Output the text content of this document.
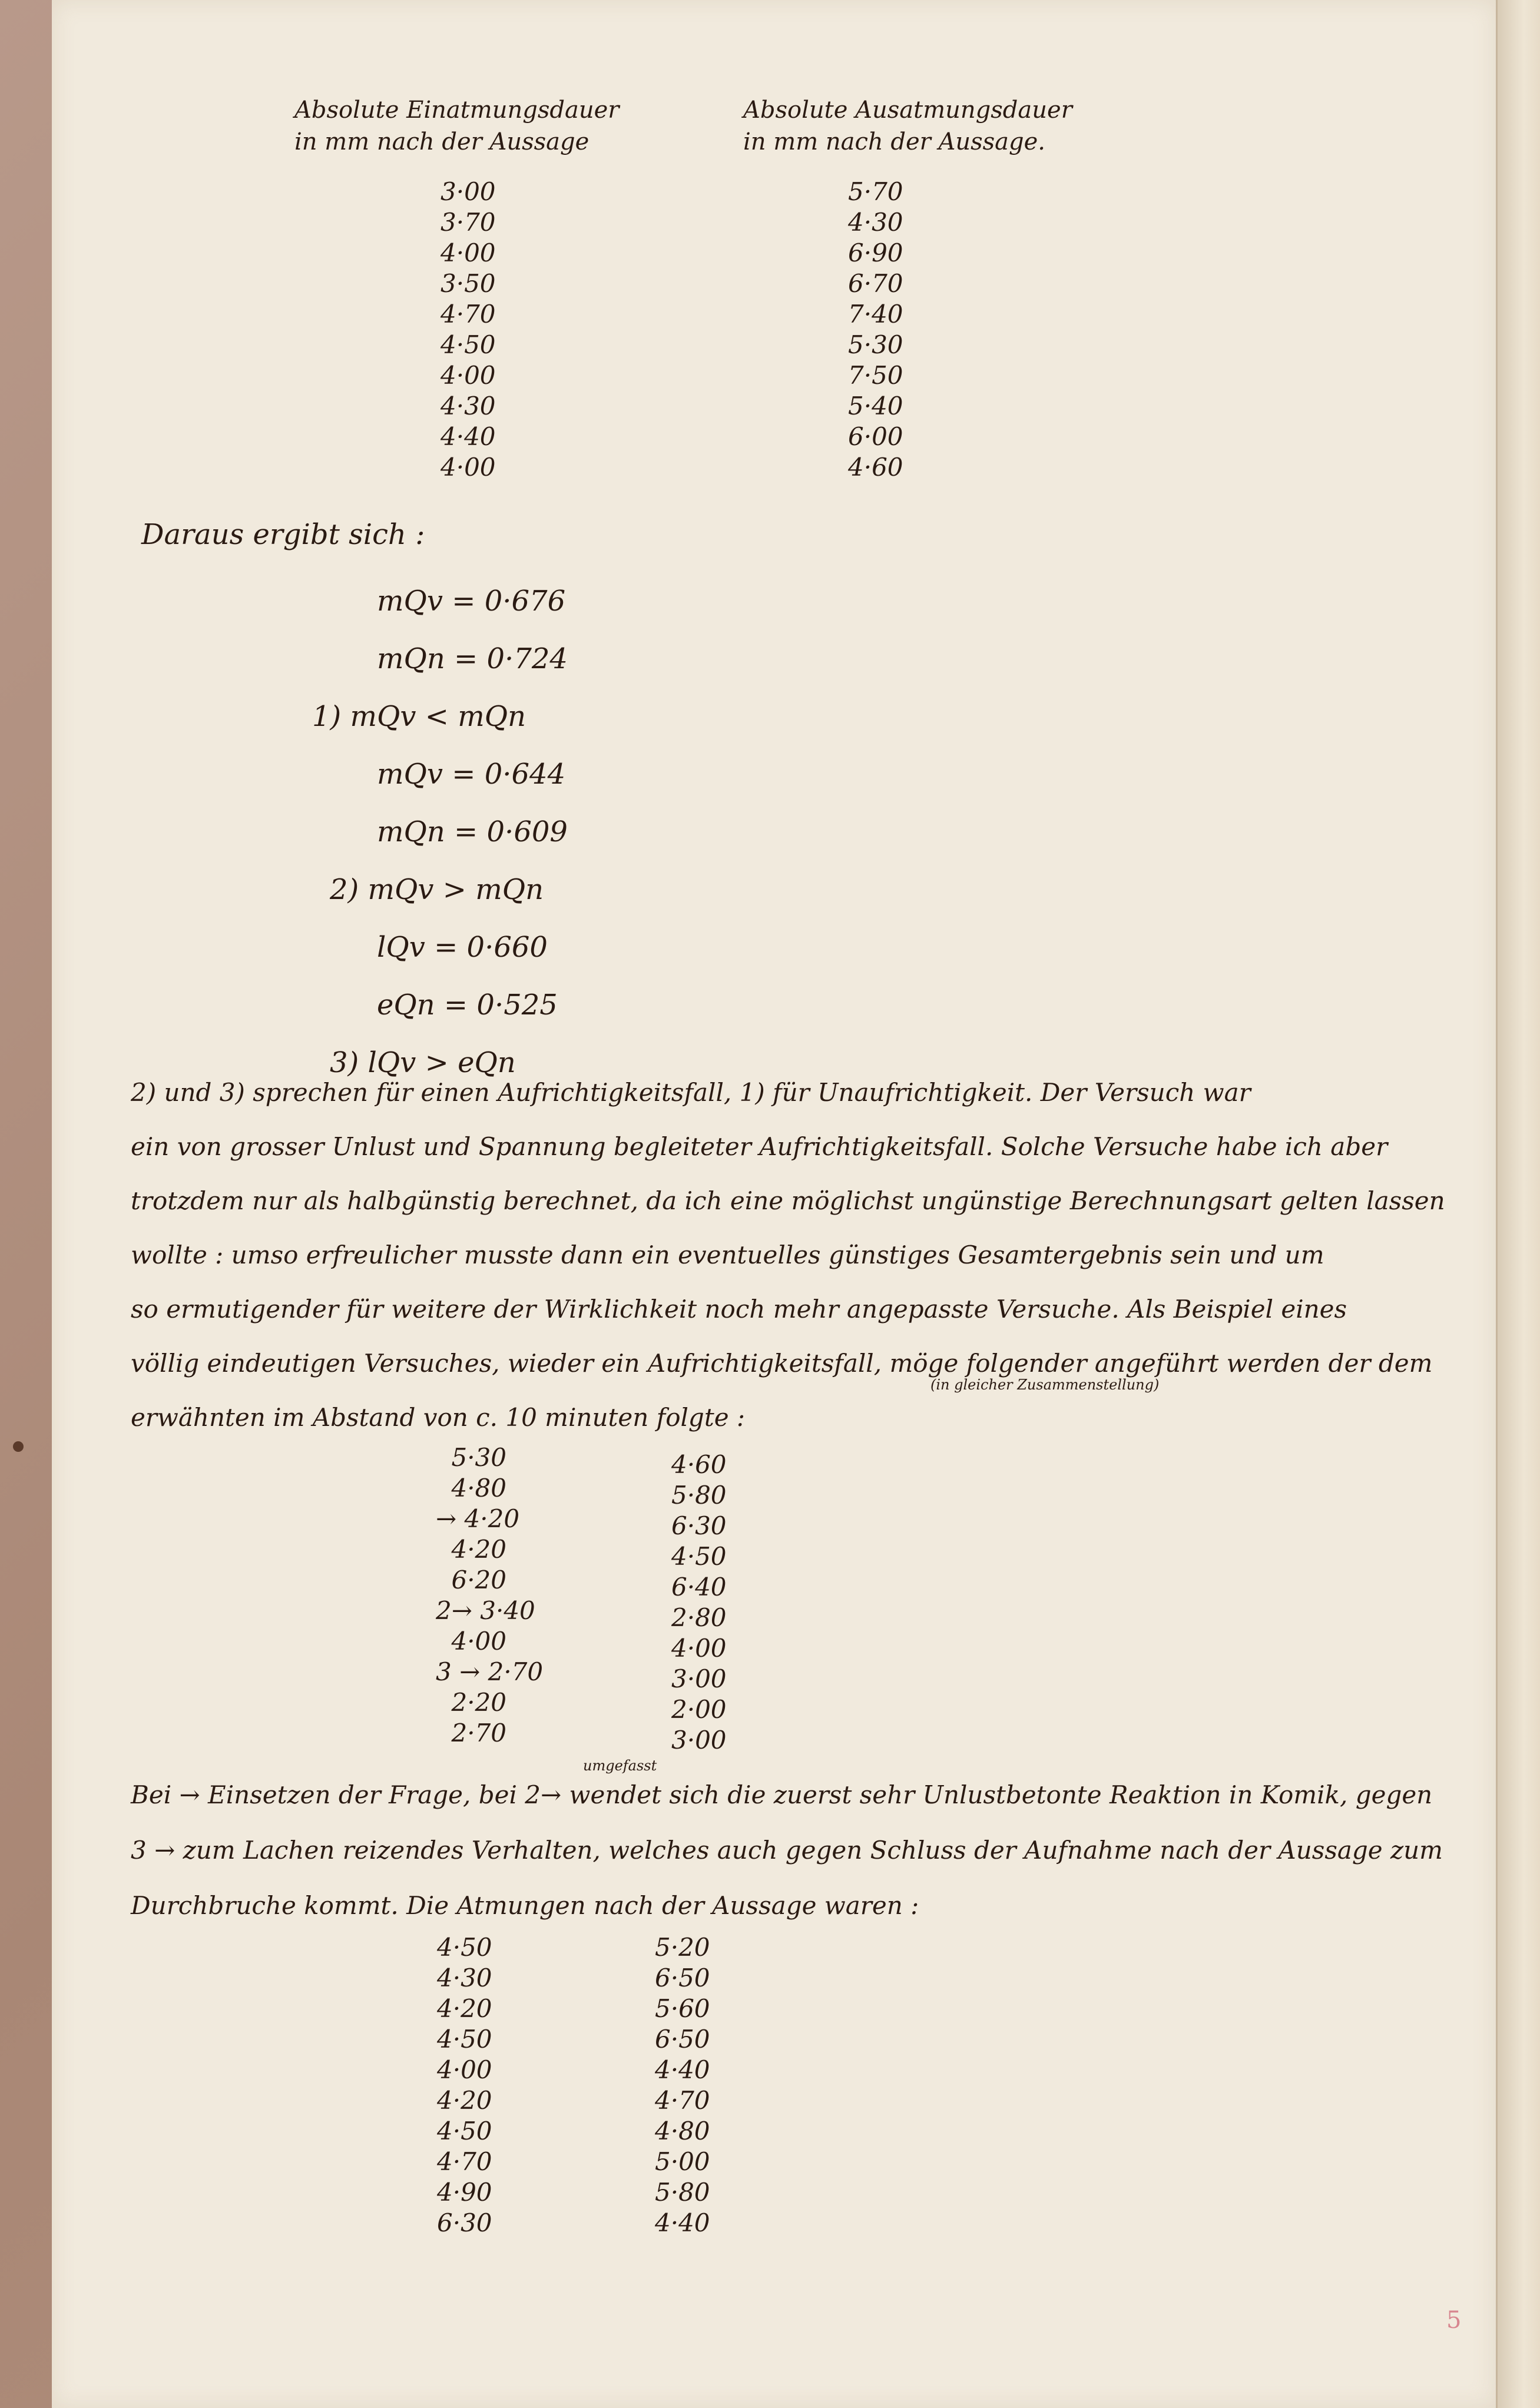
Absolute Einatmungsdauer
in mm nach der Aussage
Absolute Ausatmungsdauer
in mm nach der Aussage.
3·00
3·70
4·00
3·50
4·70
4·50
4·00
4·30
4·40
4·00
5·70
4·30
6·90
6·70
7·40
5·30
7·50
5·40
6·00
4·60
Daraus ergibt sich :
mQv = 0·676
mQn = 0·724
1) mQv < mQn
mQv = 0·644
mQn = 0·609
2) mQv > mQn
lQv = 0·660
eQn = 0·525
3) lQv > eQn
2) und 3) sprechen für einen Aufrichtigkeitsfall, 1) für Unaufrichtigkeit. Der Versuch war
ein von grosser Unlust und Spannung begleiteter Aufrichtigkeitsfall. Solche Versuche habe ich aber
trotzdem nur als halbgünstig berechnet, da ich eine möglichst ungünstige Berechnungsart gelten lassen
wollte : umso erfreulicher musste dann ein eventuelles günstiges Gesamtergebnis sein und um
so ermutigender für weitere der Wirklichkeit noch mehr angepasste Versuche. Als Beispiel eines
völlig eindeutigen Versuches, wieder ein Aufrichtigkeitsfall, möge folgender angeführt werden der dem
erwähnten im Abstand von c. 10 minuten folgte :
(in gleicher Zusammenstellung)
5·30
4·80
→ 4·20
4·20
6·20
2→ 3·40
4·00
3 → 2·70
2·20
2·70
4·60
5·80
6·30
4·50
6·40
2·80
4·00
3·00
2·00
3·00
umgefasst
Bei → Einsetzen der Frage, bei 2→ wendet sich die zuerst sehr Unlustbetonte Reaktion in Komik, gegen
3 → zum Lachen reizendes Verhalten, welches auch gegen Schluss der Aufnahme nach der Aussage zum
Durchbruche kommt. Die Atmungen nach der Aussage waren :
4·50
4·30
4·20
4·50
4·00
4·20
4·50
4·70
4·90
6·30
5·20
6·50
5·60
6·50
4·40
4·70
4·80
5·00
5·80
4·40
5
